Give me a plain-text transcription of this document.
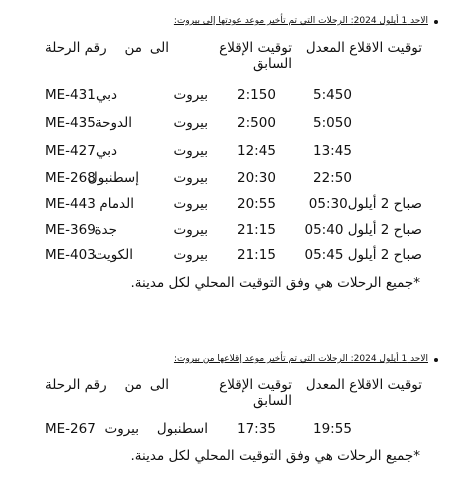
الاحد 1 أيلول 2024: الرحلات التي تم تأخير موعد عودتها إلى بيروت:
توقيت الاقلاع المعدل
توقيت الإقلاع
السابق
الى
من
رقم الرحلة
5:450
2:150
بيروت
دبي
ME-431
5:050
2:500
بيروت
الدوحة
ME-435
13:45
12:45
بيروت
دبي
ME-427
22:50
20:30
بيروت
إسطنبول
ME-268
صباح 2 أيلول05:30
20:55
بيروت
الدمام
ME-443
صباح 2 أيلول 05:40
21:15
بيروت
جدة
ME-369
صباح 2 أيلول 05:45
21:15
بيروت
الكويت
ME-403
*جميع الرحلات هي وفق التوقيت المحلي لكل مدينة.
الاحد 1 أيلول 2024: الرحلات التي تم تأخير موعد إقلاعها من بيروت:
توقيت الاقلاع المعدل
توقيت الإقلاع
السابق
الى
من
رقم الرحلة
19:55
17:35
اسطنبول
بيروت
ME-267
*جميع الرحلات هي وفق التوقيت المحلي لكل مدينة.
